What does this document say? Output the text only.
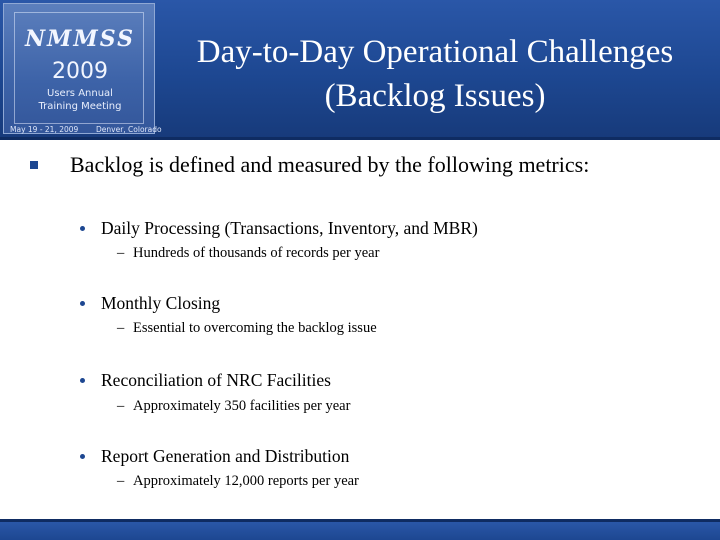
NMMSS
2009
Users Annual
Training Meeting
May 19 - 21, 2009 Denver, Colorado
Day-to-Day Operational Challenges
(Backlog Issues)
Backlog is defined and measured by the following metrics:
Daily Processing (Transactions, Inventory, and MBR)
– Hundreds of thousands of records per year
Monthly Closing
– Essential to overcoming the backlog issue
Reconciliation of NRC Facilities
– Approximately 350 facilities per year
Report Generation and Distribution
– Approximately 12,000 reports per year
